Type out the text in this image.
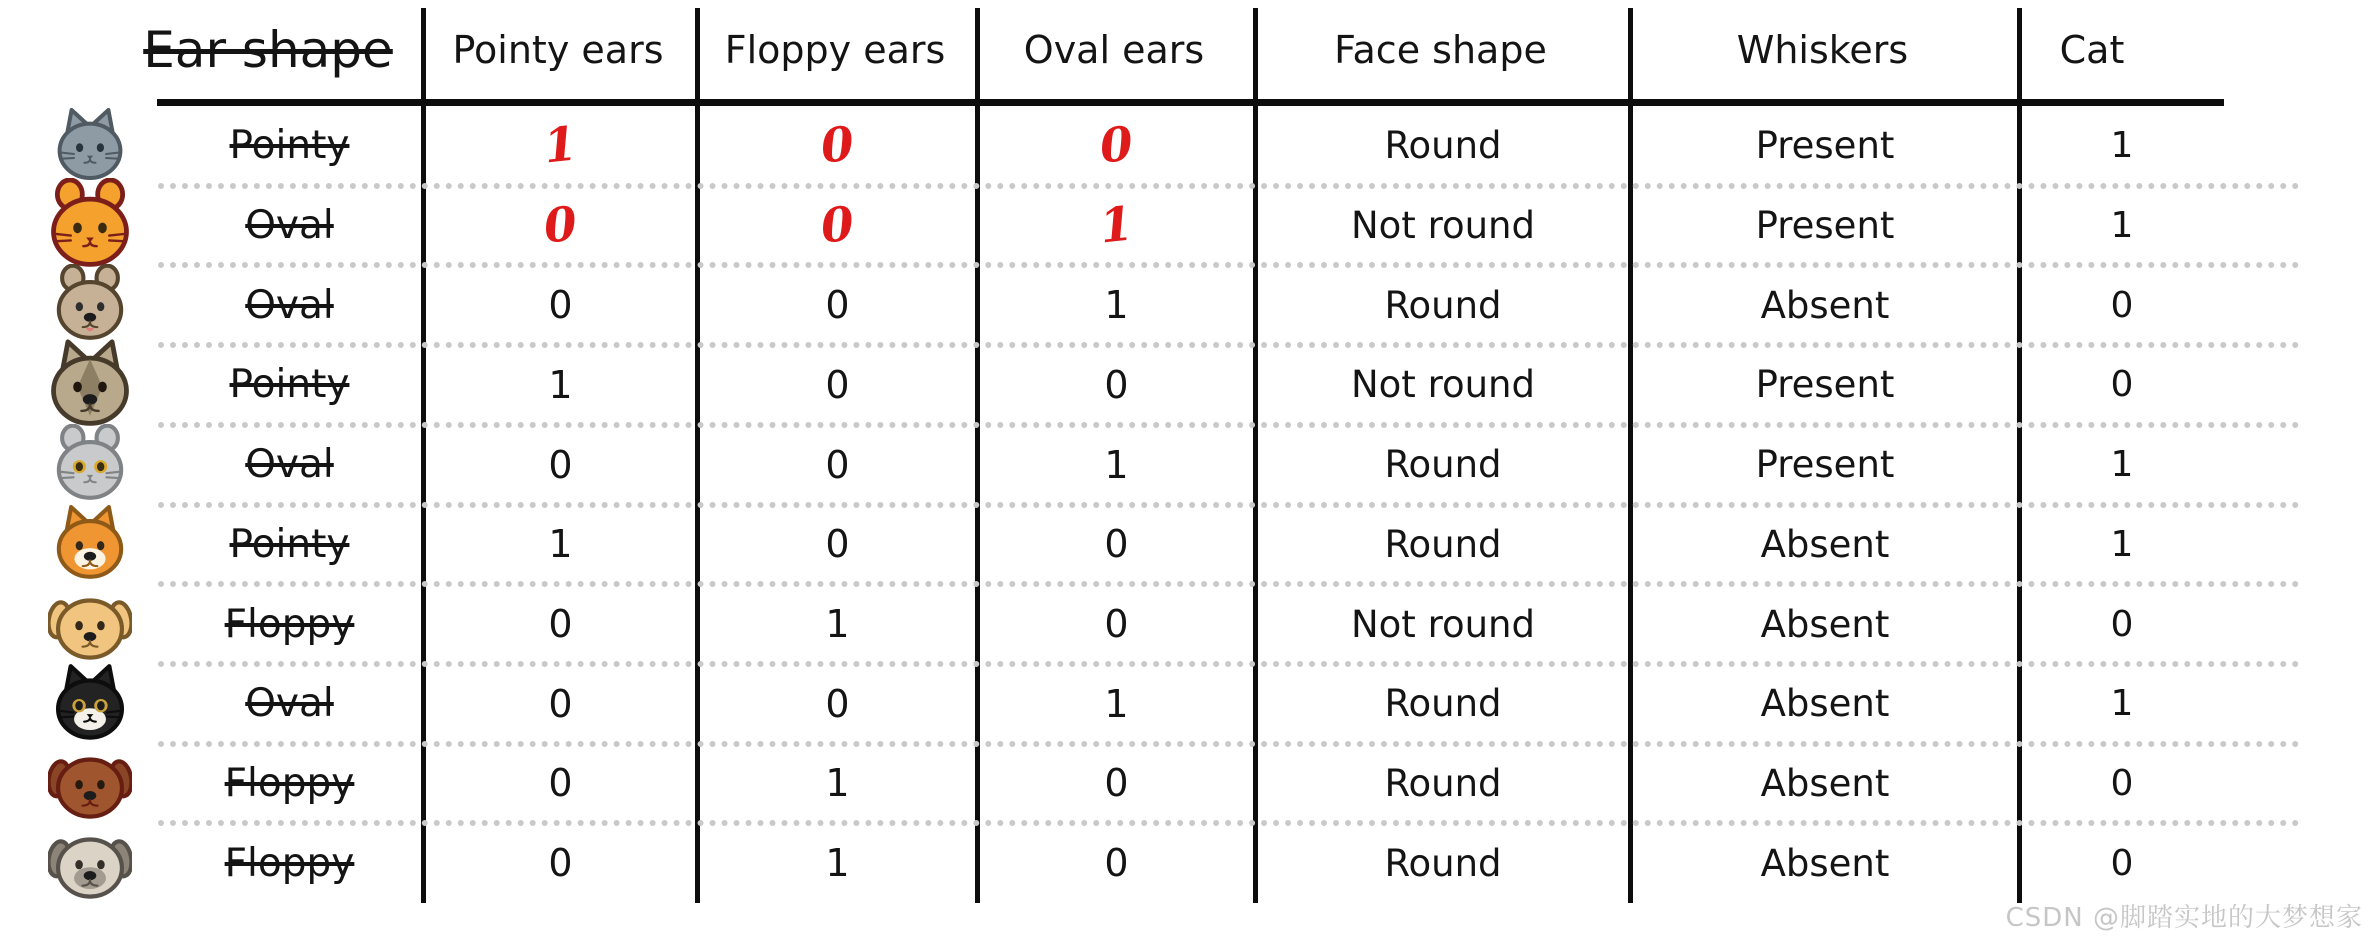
Ear shape	Pointy ears	Floppy ears	Oval ears	Face shape	Whiskers	Cat
Pointy	1	0	0	Round	Present	1
Oval	0	0	1	Not round	Present	1
Oval	0	0	1	Round	Absent	0
Pointy	1	0	0	Not round	Present	0
Oval	0	0	1	Round	Present	1
Pointy	1	0	0	Round	Absent	1
Floppy	0	1	0	Not round	Absent	0
Oval	0	0	1	Round	Absent	1
Floppy	0	1	0	Round	Absent	0
Floppy	0	1	0	Round	Absent	0
CSDN @脚踏实地的大梦想家
